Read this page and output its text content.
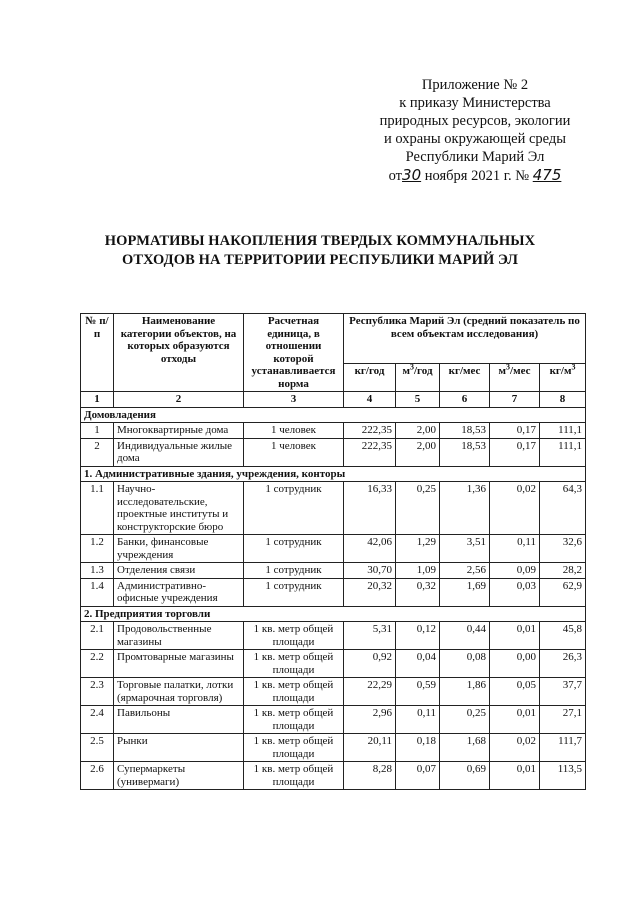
Приложение № 2
к приказу Министерства
природных ресурсов, экологии
и охраны окружающей среды
Республики Марий Эл
от30 ноября 2021 г. № 475
НОРМАТИВЫ НАКОПЛЕНИЯ ТВЕРДЫХ КОММУНАЛЬНЫХ
ОТХОДОВ НА ТЕРРИТОРИИ РЕСПУБЛИКИ МАРИЙ ЭЛ
№ п/п	Наименование категории объектов, на которых образуются отходы	Расчетная единица, в отношении которой устанавливается норма	Республика Марий Эл (средний показатель по всем объектам исследования)				
			кг/год	$м^3$/год	кг/мес	$м^3$/мес	$кг/м^3$
1	2	3	4	5	6	7	8
Домовладения							
1	Многоквартирные дома	1 человек	222,35	2,00	18,53	0,17	111,1
2	Индивидуальные жилые дома	1 человек	222,35	2,00	18,53	0,17	111,1
1. Административные здания, учреждения, конторы							
1.1	Научно-исследовательские, проектные институты и конструкторские бюро	1 сотрудник	16,33	0,25	1,36	0,02	64,3
1.2	Банки, финансовые учреждения	1 сотрудник	42,06	1,29	3,51	0,11	32,6
1.3	Отделения связи	1 сотрудник	30,70	1,09	2,56	0,09	28,2
1.4	Административно-офисные учреждения	1 сотрудник	20,32	0,32	1,69	0,03	62,9
2. Предприятия торговли							
2.1	Продовольственные магазины	1 кв. метр общей площади	5,31	0,12	0,44	0,01	45,8
2.2	Промтоварные магазины	1 кв. метр общей площади	0,92	0,04	0,08	0,00	26,3
2.3	Торговые палатки, лотки (ярмарочная торговля)	1 кв. метр общей площади	22,29	0,59	1,86	0,05	37,7
2.4	Павильоны	1 кв. метр общей площади	2,96	0,11	0,25	0,01	27,1
2.5	Рынки	1 кв. метр общей площади	20,11	0,18	1,68	0,02	111,7
2.6	Супермаркеты (универмаги)	1 кв. метр общей площади	8,28	0,07	0,69	0,01	113,5
